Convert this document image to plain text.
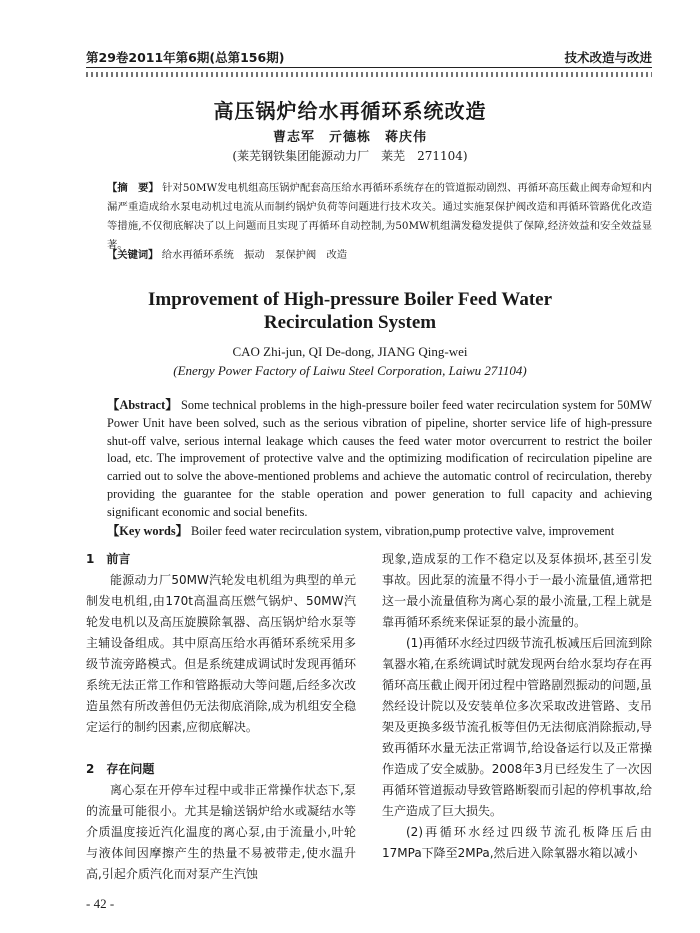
第29卷2011年第6期(总第156期)	技术改造与改进
高压锅炉给水再循环系统改造
曹志军　亓德栋　蒋庆伟
(莱芜钢铁集团能源动力厂　莱芜　271104)
【摘　要】 针对50MW发电机组高压锅炉配套高压给水再循环系统存在的管道振动剧烈、再循环高压截止阀寿命短和内漏严重造成给水泵电动机过电流从而制约锅炉负荷等问题进行技术攻关。通过实施泵保护阀改造和再循环管路优化改造等措施,不仅彻底解决了以上问题而且实现了再循环自动控制,为50MW机组满发稳发提供了保障,经济效益和安全效益显著。
【关键词】 给水再循环系统　振动　泵保护阀　改造
Improvement of High-pressure Boiler Feed Water
Recirculation System
CAO Zhi-jun, QI De-dong, JIANG Qing-wei
(Energy Power Factory of Laiwu Steel Corporation, Laiwu 271104)
【Abstract】 Some technical problems in the high-pressure boiler feed water recirculation system for 50MW Power Unit have been solved, such as the serious vibration of pipeline, shorter service life of high-pressure shut-off valve, serious internal leakage which causes the feed water motor overcurrent to restrict the boiler load, etc. The improvement of protective valve and the optimizing modification of recirculation pipeline are carried out to solve the above-mentioned problems and achieve the automatic control of recirculation, thereby providing the guarantee for the stable operation and power generation to full capacity and achieving significant economic and social benefits.
【Key words】 Boiler feed water recirculation system, vibration,pump protective valve, improvement
1　前言

能源动力厂50MW汽轮发电机组为典型的单元制发电机组,由170t高温高压燃气锅炉、50MW汽轮发电机以及高压旋膜除氧器、高压锅炉给水泵等主辅设备组成。其中原高压给水再循环系统采用多级节流旁路模式。但是系统建成调试时发现再循环系统无法正常工作和管路振动大等问题,后经多次改造虽然有所改善但仍无法彻底消除,成为机组安全稳定运行的制约因素,应彻底解决。

2　存在问题

离心泵在开停车过程中或非正常操作状态下,泵的流量可能很小。尤其是输送锅炉给水或凝结水等介质温度接近汽化温度的离心泵,由于流量小,叶轮与液体间因摩擦产生的热量不易被带走,使水温升高,引起介质汽化而对泵产生汽蚀

现象,造成泵的工作不稳定以及泵体损坏,甚至引发事故。因此泵的流量不得小于一最小流量值,通常把这一最小流量值称为离心泵的最小流量,工程上就是靠再循环系统来保证泵的最小流量的。

(1)再循环水经过四级节流孔板减压后回流到除氧器水箱,在系统调试时就发现两台给水泵均存在再循环高压截止阀开闭过程中管路剧烈振动的问题,虽然经设计院以及安装单位多次采取改进管路、支吊架及更换多级节流孔板等但仍无法彻底消除振动,导致再循环水量无法正常调节,给设备运行以及正常操作造成了安全威胁。2008年3月已经发生了一次因再循环管道振动导致管路断裂而引起的停机事故,给生产造成了巨大损失。

(2)再循环水经过四级节流孔板降压后由17MPa下降至2MPa,然后进入除氧器水箱以减小

- 42 -
